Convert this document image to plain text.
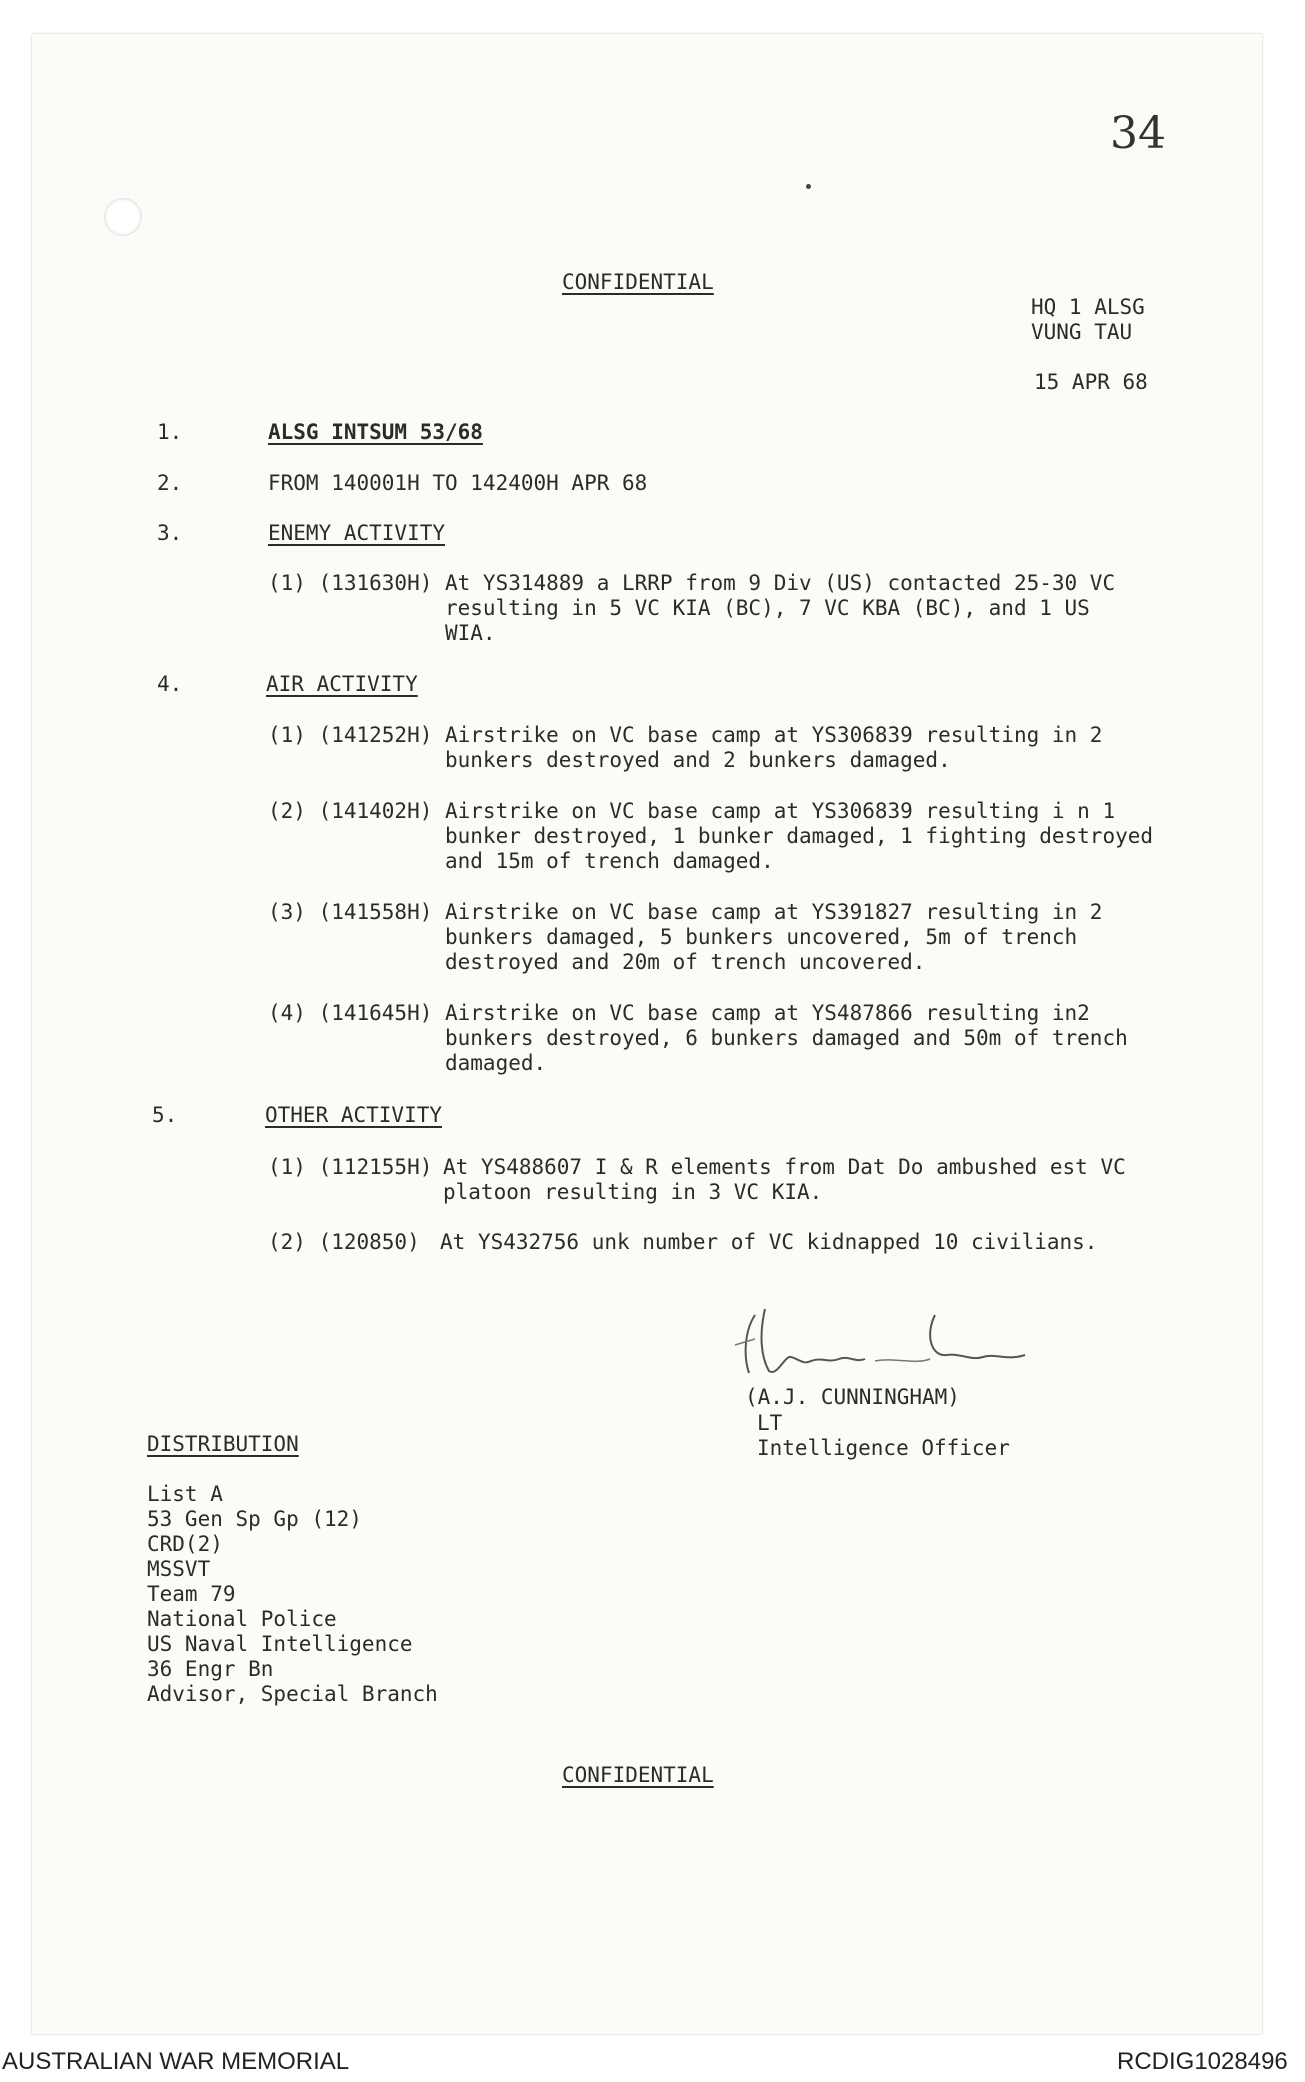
34
CONFIDENTIAL
HQ 1 ALSG
VUNG TAU
15 APR 68
1.	ALSG INTSUM 53/68
2.	FROM 140001H TO 142400H APR 68
3.	ENEMY ACTIVITY
(1) (131630H) At YS314889 a LRRP from 9 Div (US) contacted 25-30 VC
resulting in 5 VC KIA (BC), 7 VC KBA (BC), and 1 US
WIA.
4.	AIR ACTIVITY
(1) (141252H) Airstrike on VC base camp at YS306839 resulting in 2
bunkers destroyed and 2 bunkers damaged.
(2) (141402H) Airstrike on VC base camp at YS306839 resulting i n 1
bunker destroyed, 1 bunker damaged, 1 fighting destroyed
and 15m of trench damaged.
(3) (141558H) Airstrike on VC base camp at YS391827 resulting in 2
bunkers damaged, 5 bunkers uncovered, 5m of trench
destroyed and 20m of trench uncovered.
(4) (141645H) Airstrike on VC base camp at YS487866 resulting in2
bunkers destroyed, 6 bunkers damaged and 50m of trench
damaged.
5.	OTHER ACTIVITY
(1) (112155H) At YS488607 I & R elements from Dat Do ambushed est VC
platoon resulting in 3 VC KIA.
(2) (120850) At YS432756 unk number of VC kidnapped 10 civilians.
(A.J. CUNNINGHAM)
LT
Intelligence Officer
DISTRIBUTION
List A
53 Gen Sp Gp (12)
CRD(2)
MSSVT
Team 79
National Police
US Naval Intelligence
36 Engr Bn
Advisor, Special Branch
CONFIDENTIAL
AUSTRALIAN WAR MEMORIAL	RCDIG1028496
